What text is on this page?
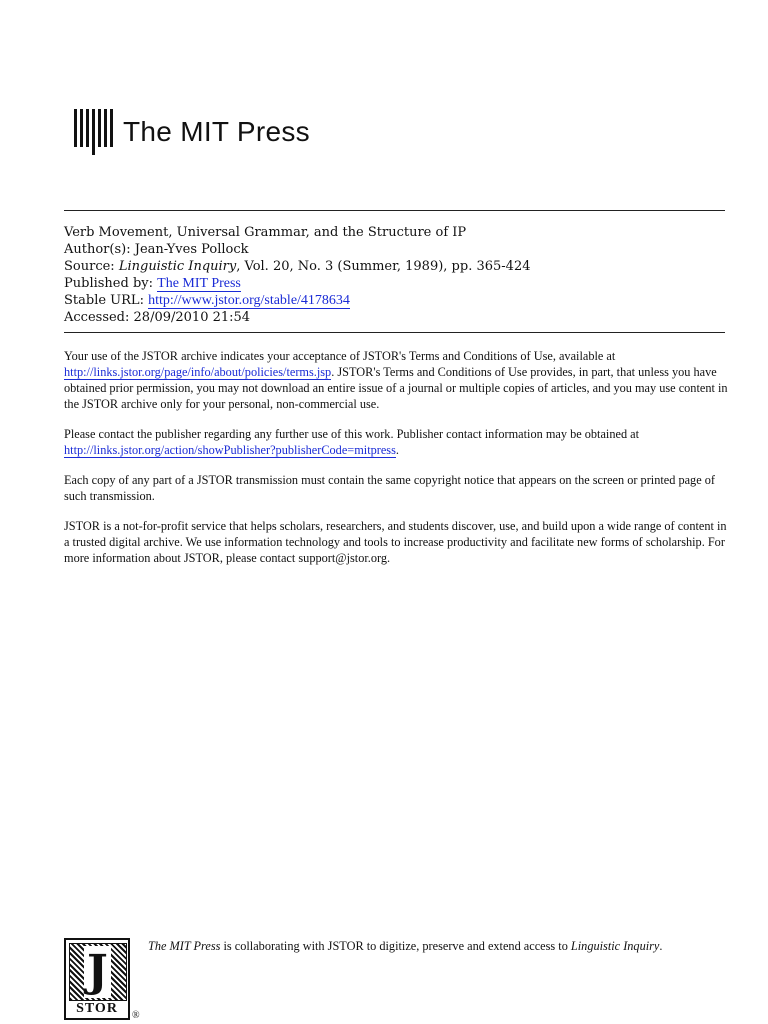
The MIT Press
Verb Movement, Universal Grammar, and the Structure of IP
Author(s): Jean-Yves Pollock
Source: Linguistic Inquiry, Vol. 20, No. 3 (Summer, 1989), pp. 365-424
Published by: The MIT Press
Stable URL: http://www.jstor.org/stable/4178634
Accessed: 28/09/2010 21:54

Your use of the JSTOR archive indicates your acceptance of JSTOR's Terms and Conditions of Use, available at
http://links.jstor.org/page/info/about/policies/terms.jsp. JSTOR's Terms and Conditions of Use provides, in part, that unless you have obtained prior permission, you may not download an entire issue of a journal or multiple copies of articles, and you may use content in the JSTOR archive only for your personal, non-commercial use.

Please contact the publisher regarding any further use of this work. Publisher contact information may be obtained at
http://links.jstor.org/action/showPublisher?publisherCode=mitpress.

Each copy of any part of a JSTOR transmission must contain the same copyright notice that appears on the screen or printed page of such transmission.

JSTOR is a not-for-profit service that helps scholars, researchers, and students discover, use, and build upon a wide range of content in a trusted digital archive. We use information technology and tools to increase productivity and facilitate new forms of scholarship. For more information about JSTOR, please contact support@jstor.org.

J
STOR	®
The MIT Press is collaborating with JSTOR to digitize, preserve and extend access to Linguistic Inquiry.
